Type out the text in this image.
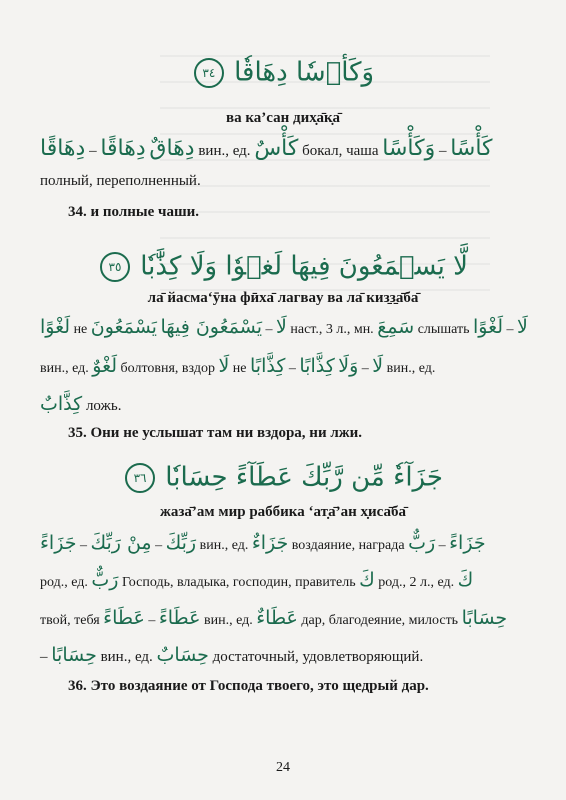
وَكَأۡسٗا دِهَاقٗا ٣٤
ва ка’сан дих̣а̄к̣а̄
دِهَاقٌ دِهَاقًا – دِهَاقًا	вин., ед. كَأْسٌ бокал, чаша	كَأْسًا – وَكَأْسًا
полный, переполненный.
34. и полные чаши.
لَّا يَسۡمَعُونَ فِيهَا لَغۡوٗا وَلَا كِذَّٰبٗا ٣٥
ла̄ йасма‘ӯна фӣха̄ лагваy ва ла̄ киз̱з̱а̄ба̄
لَغْوًا не	لَا – يَسْمَعُونَ فِيهَا يَسْمَعُونَ	наст., 3 л., мн. سَمِعَ слышать	لَا – لَغْوًا
вин., ед. لَغْوٌ болтовня, вздор لَا не	لَا – وَلَا كِذَّابًا – كِذَّابًا	вин., ед.
كِذَّابٌ ложь.
35. Они не услышат там ни вздора, ни лжи.
جَزَآءٗ مِّن رَّبِّكَ عَطَآءً حِسَابٗا ٣٦
жаза̄’ам мир раббика ‘ат̣а̄’ан х̣иса̄ба̄
رَبِّكَ – مِنْ رَبِّكَ – جَزَاءً	вин., ед. جَزَاءٌ воздаяние, награда جَزَاءً – رَبٌّ
род., ед. رَبٌّ Господь, владыка, господин, правитель كَ род., 2 л., ед. كَ
твой, тебя	عَطَاءً – عَطَاءً	вин., ед. عَطَاءٌ дар, благодеяние, милость حِسَابًا
– حِسَابًا вин., ед. حِسَابٌ достаточный, удовлетворяющий.
36. Это воздаяние от Господа твоего, это щедрый дар.
24
